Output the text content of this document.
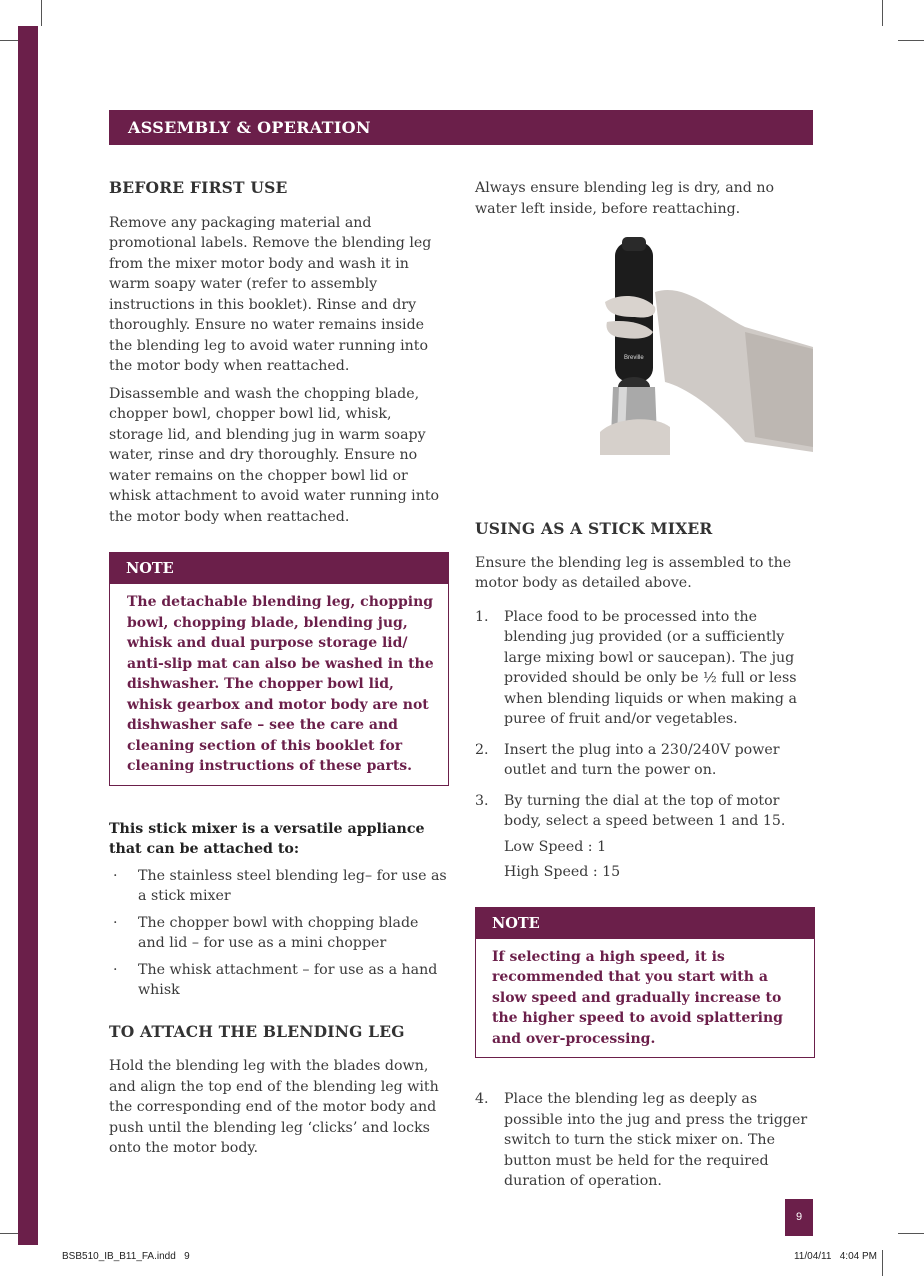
ASSEMBLY & OPERATION
BEFORE FIRST USE

Remove any packaging material and promotional labels. Remove the blending leg from the mixer motor body and wash it in warm soapy water (refer to assembly instructions in this booklet). Rinse and dry thoroughly. Ensure no water remains inside the blending leg to avoid water running into the motor body when reattached.

Disassemble and wash the chopping blade, chopper bowl, chopper bowl lid, whisk, storage lid, and blending jug in warm soapy water, rinse and dry thoroughly. Ensure no water remains on the chopper bowl lid or whisk attachment to avoid water running into the motor body when reattached.

NOTE
The detachable blending leg, chopping bowl, chopping blade, blending jug, whisk and dual purpose storage lid/ anti-slip mat can also be washed in the dishwasher. The chopper bowl lid, whisk gearbox and motor body are not dishwasher safe – see the care and cleaning section of this booklet for cleaning instructions of these parts.

This stick mixer is a versatile appliance that can be attached to:

· The stainless steel blending leg– for use as a stick mixer
· The chopper bowl with chopping blade and lid – for use as a mini chopper
· The whisk attachment – for use as a hand whisk
TO ATTACH THE BLENDING LEG

Hold the blending leg with the blades down, and align the top end of the blending leg with the corresponding end of the motor body and push until the blending leg ‘clicks’ and locks onto the motor body.

Always ensure blending leg is dry, and no water left inside, before reattaching.

Breville
USING AS A STICK MIXER

Ensure the blending leg is assembled to the motor body as detailed above.

1. Place food to be processed into the blending jug provided (or a sufficiently large mixing bowl or saucepan). The jug provided should be only be ½ full or less when blending liquids or when making a puree of fruit and/or vegetables.
2. Insert the plug into a 230/240V power outlet and turn the power on.
3. By turning the dial at the top of motor body, select a speed between 1 and 15.

Low Speed : 1

High Speed : 15

NOTE
If selecting a high speed, it is recommended that you start with a slow speed and gradually increase to the higher speed to avoid splattering and over-processing.
4. Place the blending leg as deeply as possible into the jug and press the trigger switch to turn the stick mixer on. The button must be held for the required duration of operation.
9
BSB510_IB_B11_FA.indd   9	11/04/11   4:04 PM
